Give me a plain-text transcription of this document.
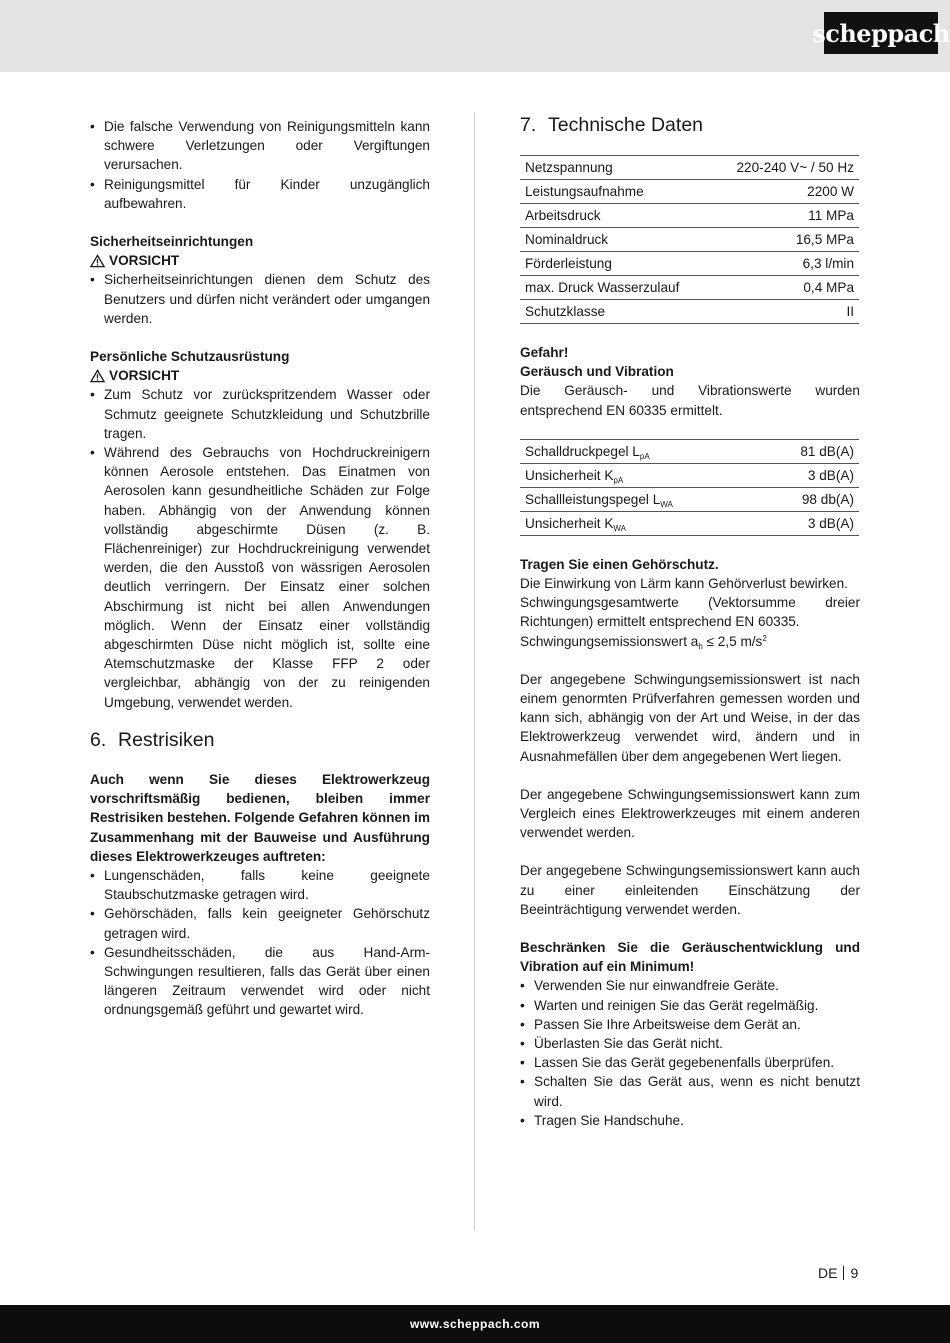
scheppach
• Die falsche Verwendung von Reinigungsmitteln kann schwere Verletzungen oder Vergiftungen verursachen.
• Reinigungsmittel für Kinder unzugänglich aufbewahren.
Sicherheitseinrichtungen
VORSICHT
• Sicherheitseinrichtungen dienen dem Schutz des Benutzers und dürfen nicht verändert oder umgangen werden.
Persönliche Schutzausrüstung
VORSICHT
• Zum Schutz vor zurückspritzendem Wasser oder Schmutz geeignete Schutzkleidung und Schutzbrille tragen.
• Während des Gebrauchs von Hochdruckreinigern können Aerosole entstehen. Das Einatmen von Aerosolen kann gesundheitliche Schäden zur Folge haben. Abhängig von der Anwendung können vollständig abgeschirmte Düsen (z. B. Flächenreiniger) zur Hochdruckreinigung verwendet werden, die den Ausstoß von wässrigen Aerosolen deutlich verringern. Der Einsatz einer solchen Abschirmung ist nicht bei allen Anwendungen möglich. Wenn der Einsatz einer vollständig abgeschirmten Düse nicht möglich ist, sollte eine Atemschutzmaske der Klasse FFP 2 oder vergleichbar, abhängig von der zu reinigenden Umgebung, verwendet werden.
6. Restrisiken

Auch wenn Sie dieses Elektrowerkzeug vorschriftsmäßig bedienen, bleiben immer Restrisiken bestehen. Folgende Gefahren können im Zusammenhang mit der Bauweise und Ausführung dieses Elektrowerkzeuges auftreten:

• Lungenschäden, falls keine geeignete Staubschutzmaske getragen wird.
• Gehörschäden, falls kein geeigneter Gehörschutz getragen wird.
• Gesundheitsschäden, die aus Hand-Arm- Schwingungen resultieren, falls das Gerät über einen längeren Zeitraum verwendet wird oder nicht ordnungsgemäß geführt und gewartet wird.
7. Technische Daten
Netzspannung	220-240 V~ / 50 Hz
Leistungsaufnahme	2200 W
Arbeitsdruck	11 MPa
Nominaldruck	16,5 MPa
Förderleistung	6,3 l/min
max. Druck Wasserzulauf	0,4 MPa
Schutzklasse	II
Gefahr!
Geräusch und Vibration

Die Geräusch- und Vibrationswerte wurden entsprechend EN 60335 ermittelt.

Schalldruckpegel $L_{pA}$	81 dB(A)
Unsicherheit $K_{pA}$	3 dB(A)
Schallleistungspegel $L_{WA}$	98 db(A)
Unsicherheit $K_{WA}$	3 dB(A)
Tragen Sie einen Gehörschutz.

Die Einwirkung von Lärm kann Gehörverlust bewirken.

Schwingungsgesamtwerte (Vektorsumme dreier Richtungen) ermittelt entsprechend EN 60335.

Schwingungsemissionswert $a_h \le 2,5$ $m/s^2$

Der angegebene Schwingungsemissionswert ist nach einem genormten Prüfverfahren gemessen worden und kann sich, abhängig von der Art und Weise, in der das Elektrowerkzeug verwendet wird, ändern und in Ausnahmefällen über dem angegebenen Wert liegen.

Der angegebene Schwingungsemissionswert kann zum Vergleich eines Elektrowerkzeuges mit einem anderen verwendet werden.

Der angegebene Schwingungsemissionswert kann auch zu einer einleitenden Einschätzung der Beeinträchtigung verwendet werden.

Beschränken Sie die Geräuschentwicklung und Vibration auf ein Minimum!

• Verwenden Sie nur einwandfreie Geräte.
• Warten und reinigen Sie das Gerät regelmäßig.
• Passen Sie Ihre Arbeitsweise dem Gerät an.
• Überlasten Sie das Gerät nicht.
• Lassen Sie das Gerät gegebenenfalls überprüfen.
• Schalten Sie das Gerät aus, wenn es nicht benutzt wird.
• Tragen Sie Handschuhe.
DE 9
www.scheppach.com
